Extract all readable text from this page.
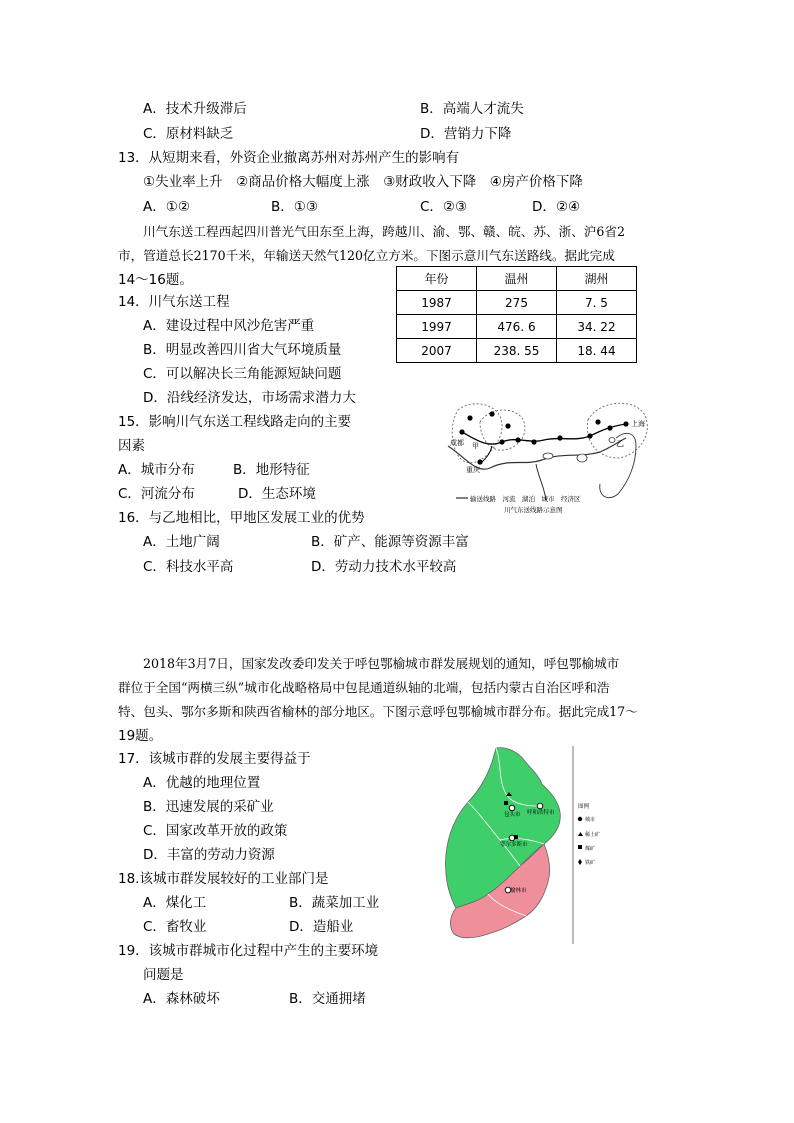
A．技术升级滞后	B．高端人才流失
C．原材料缺乏	D．营销力下降
13．从短期来看，外资企业撤离苏州对苏州产生的影响有
①失业率上升　②商品价格大幅度上涨　③财政收入下降　④房产价格下降
A．①②	B．①③	C．②③	D．②④
川气东送工程西起四川普光气田东至上海，跨越川、渝、鄂、赣、皖、苏、浙、沪6省2
市，管道总长2170千米，年输送天然气120亿立方米。下图示意川气东送路线。据此完成
14～16题。	年份	温州	湖州
1987	275	7. 5
1997	476. 6	34. 22
2007	238. 55	18. 44
14．川气东送工程
A．建设过程中风沙危害严重
B．明显改善四川省大气环境质量
C．可以解决长三角能源短缺问题
D．沿线经济发达，市场需求潜力大
15．影响川气东送工程线路走向的主要
因素
A．城市分布	B．地形特征
C．河流分布	D．生态环境
16．与乙地相比，甲地区发展工业的优势
A．土地广阔	B．矿产、能源等资源丰富
C．科技水平高	D．劳动力技术水平较高
成都 甲
重庆
上海
乙
输送线路　河流　湖泊　城市　经济区
川气东送线路示意图
2018年3月7日，国家发改委印发关于呼包鄂榆城市群发展规划的通知，呼包鄂榆城市
群位于全国“两横三纵”城市化战略格局中包昆通道纵轴的北端，包括内蒙古自治区呼和浩
特、包头、鄂尔多斯和陕西省榆林的部分地区。下图示意呼包鄂榆城市群分布。据此完成17～
19题。
17．该城市群的发展主要得益于
A．优越的地理位置
B．迅速发展的采矿业
C．国家改革开放的政策
D．丰富的劳动力资源
18.该城市群发展较好的工业部门是
A．煤化工	B．蔬菜加工业
C．畜牧业	D．造船业
19．该城市群城市化过程中产生的主要环境
问题是
A．森林破坏	B．交通拥堵
包头市 呼和浩特市
鄂尔多斯市
榆林市
图例
城市
稀土矿
煤矿
铁矿
